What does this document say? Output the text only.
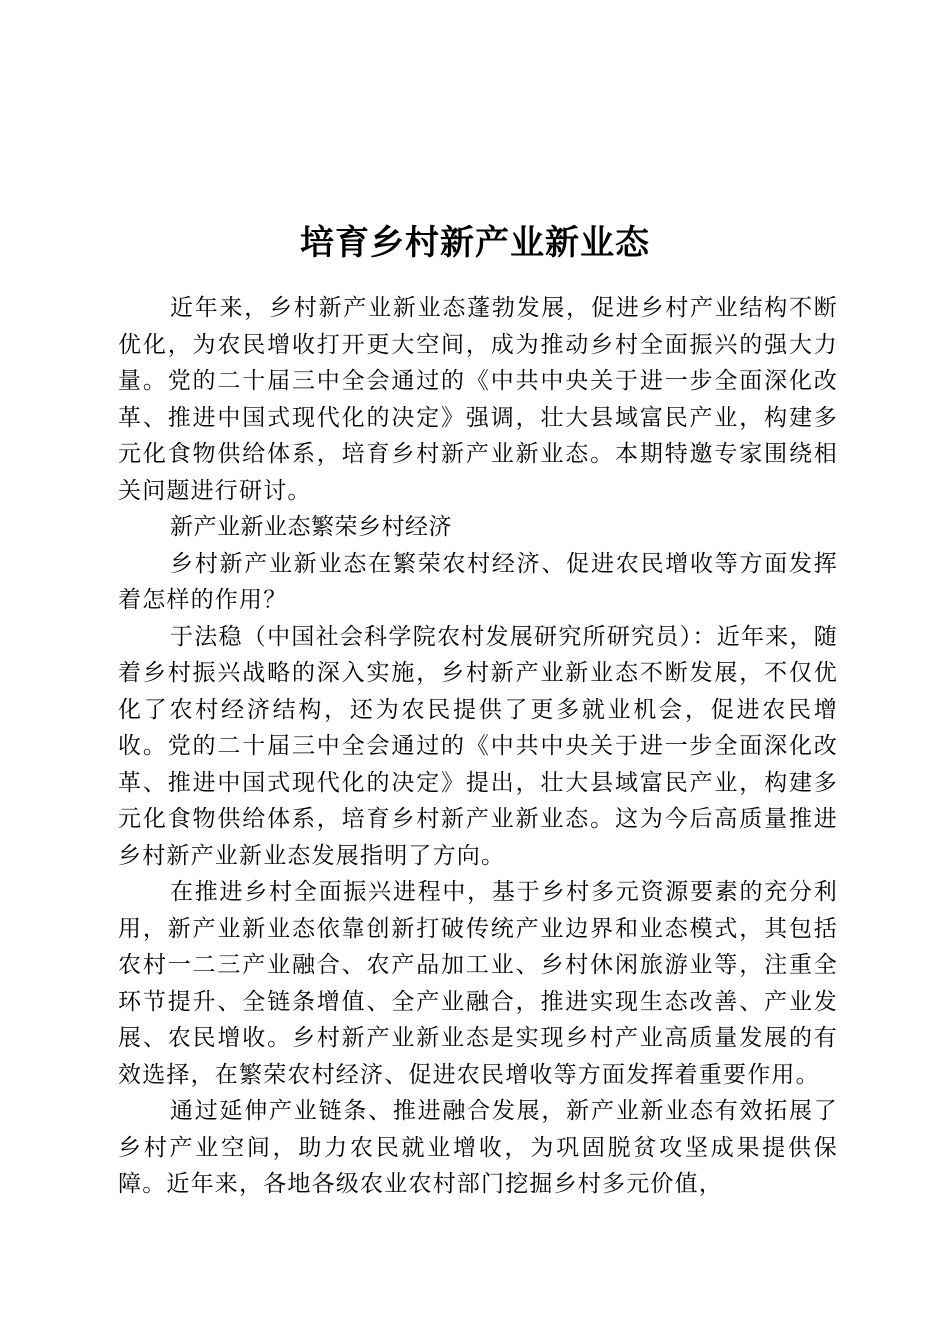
培育乡村新产业新业态

近年来，乡村新产业新业态蓬勃发展，促进乡村产业结构不断优化，为农民增收打开更大空间，成为推动乡村全面振兴的强大力量。党的二十届三中全会通过的《中共中央关于进一步全面深化改革、推进中国式现代化的决定》强调，壮大县域富民产业，构建多元化食物供给体系，培育乡村新产业新业态。本期特邀专家围绕相关问题进行研讨。

新产业新业态繁荣乡村经济

乡村新产业新业态在繁荣农村经济、促进农民增收等方面发挥着怎样的作用？

于法稳（中国社会科学院农村发展研究所研究员）：近年来，随着乡村振兴战略的深入实施，乡村新产业新业态不断发展，不仅优化了农村经济结构，还为农民提供了更多就业机会，促进农民增收。党的二十届三中全会通过的《中共中央关于进一步全面深化改革、推进中国式现代化的决定》提出，壮大县域富民产业，构建多元化食物供给体系，培育乡村新产业新业态。这为今后高质量推进乡村新产业新业态发展指明了方向。

在推进乡村全面振兴进程中，基于乡村多元资源要素的充分利用，新产业新业态依靠创新打破传统产业边界和业态模式，其包括农村一二三产业融合、农产品加工业、乡村休闲旅游业等，注重全环节提升、全链条增值、全产业融合，推进实现生态改善、产业发展、农民增收。乡村新产业新业态是实现乡村产业高质量发展的有效选择，在繁荣农村经济、促进农民增收等方面发挥着重要作用。

通过延伸产业链条、推进融合发展，新产业新业态有效拓展了乡村产业空间，助力农民就业增收，为巩固脱贫攻坚成果提供保障。近年来，各地各级农业农村部门挖掘乡村多元价值，
